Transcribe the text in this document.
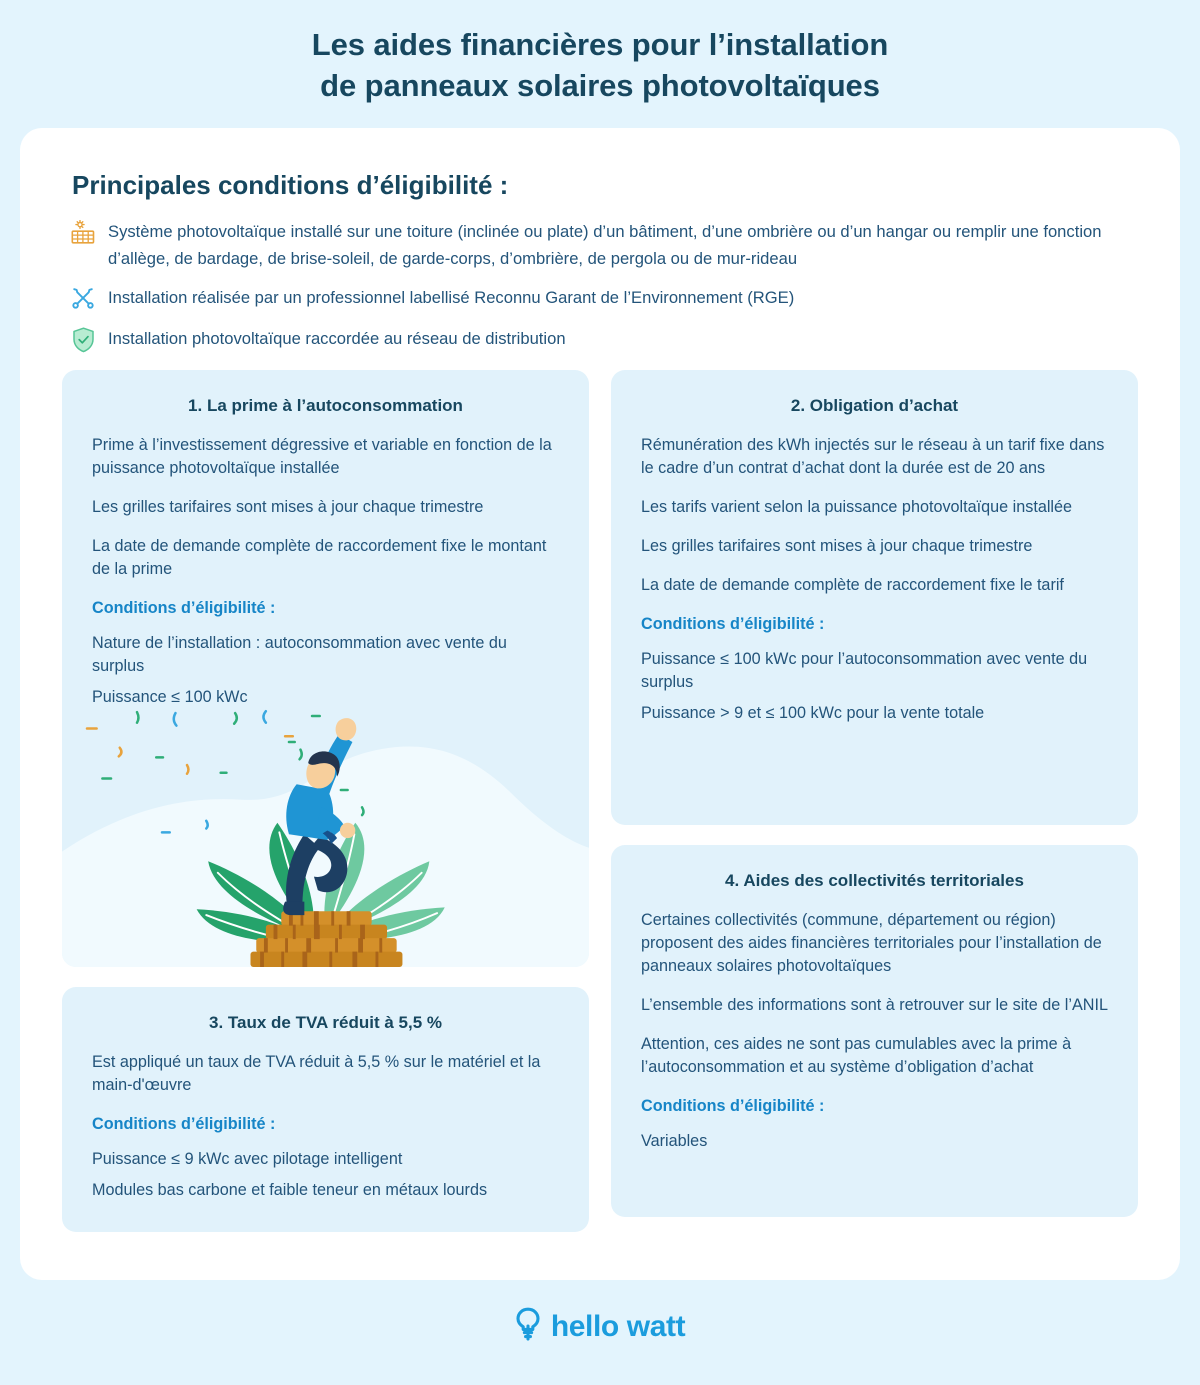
Les aides financières pour l’installation
de panneaux solaires photovoltaïques
Principales conditions d’éligibilité :
Système photovoltaïque installé sur une toiture (inclinée ou plate) d’un bâtiment, d’une ombrière ou d’un hangar ou remplir une fonction d’allège, de bardage, de brise-soleil, de garde-corps, d’ombrière, de pergola ou de mur-rideau
Installation réalisée par un professionnel labellisé Reconnu Garant de l’Environnement (RGE)
Installation photovoltaïque raccordée au réseau de distribution
1. La prime à l’autoconsommation

Prime à l’investissement dégressive et variable en fonction de la puissance photovoltaïque installée

Les grilles tarifaires sont mises à jour chaque trimestre

La date de demande complète de raccordement fixe le montant de la prime

Conditions d’éligibilité :

Nature de l’installation : autoconsommation avec vente du surplus

Puissance ≤ 100 kWc

3. Taux de TVA réduit à 5,5 %

Est appliqué un taux de TVA réduit à 5,5 % sur le matériel et la main-d'œuvre

Conditions d’éligibilité :

Puissance ≤ 9 kWc avec pilotage intelligent

Modules bas carbone et faible teneur en métaux lourds

2. Obligation d’achat

Rémunération des kWh injectés sur le réseau à un tarif fixe dans le cadre d’un contrat d’achat dont la durée est de 20 ans

Les tarifs varient selon la puissance photovoltaïque installée

Les grilles tarifaires sont mises à jour chaque trimestre

La date de demande complète de raccordement fixe le tarif

Conditions d’éligibilité :

Puissance ≤ 100 kWc pour l’autoconsommation avec vente du surplus

Puissance > 9 et ≤ 100 kWc pour la vente totale

4. Aides des collectivités territoriales

Certaines collectivités (commune, département ou région) proposent des aides financières territoriales pour l’installation de panneaux solaires photovoltaïques

L’ensemble des informations sont à retrouver sur le site de l’ANIL

Attention, ces aides ne sont pas cumulables avec la prime à l’autoconsommation et au système d’obligation d’achat

Conditions d’éligibilité :

Variables

hello watt
